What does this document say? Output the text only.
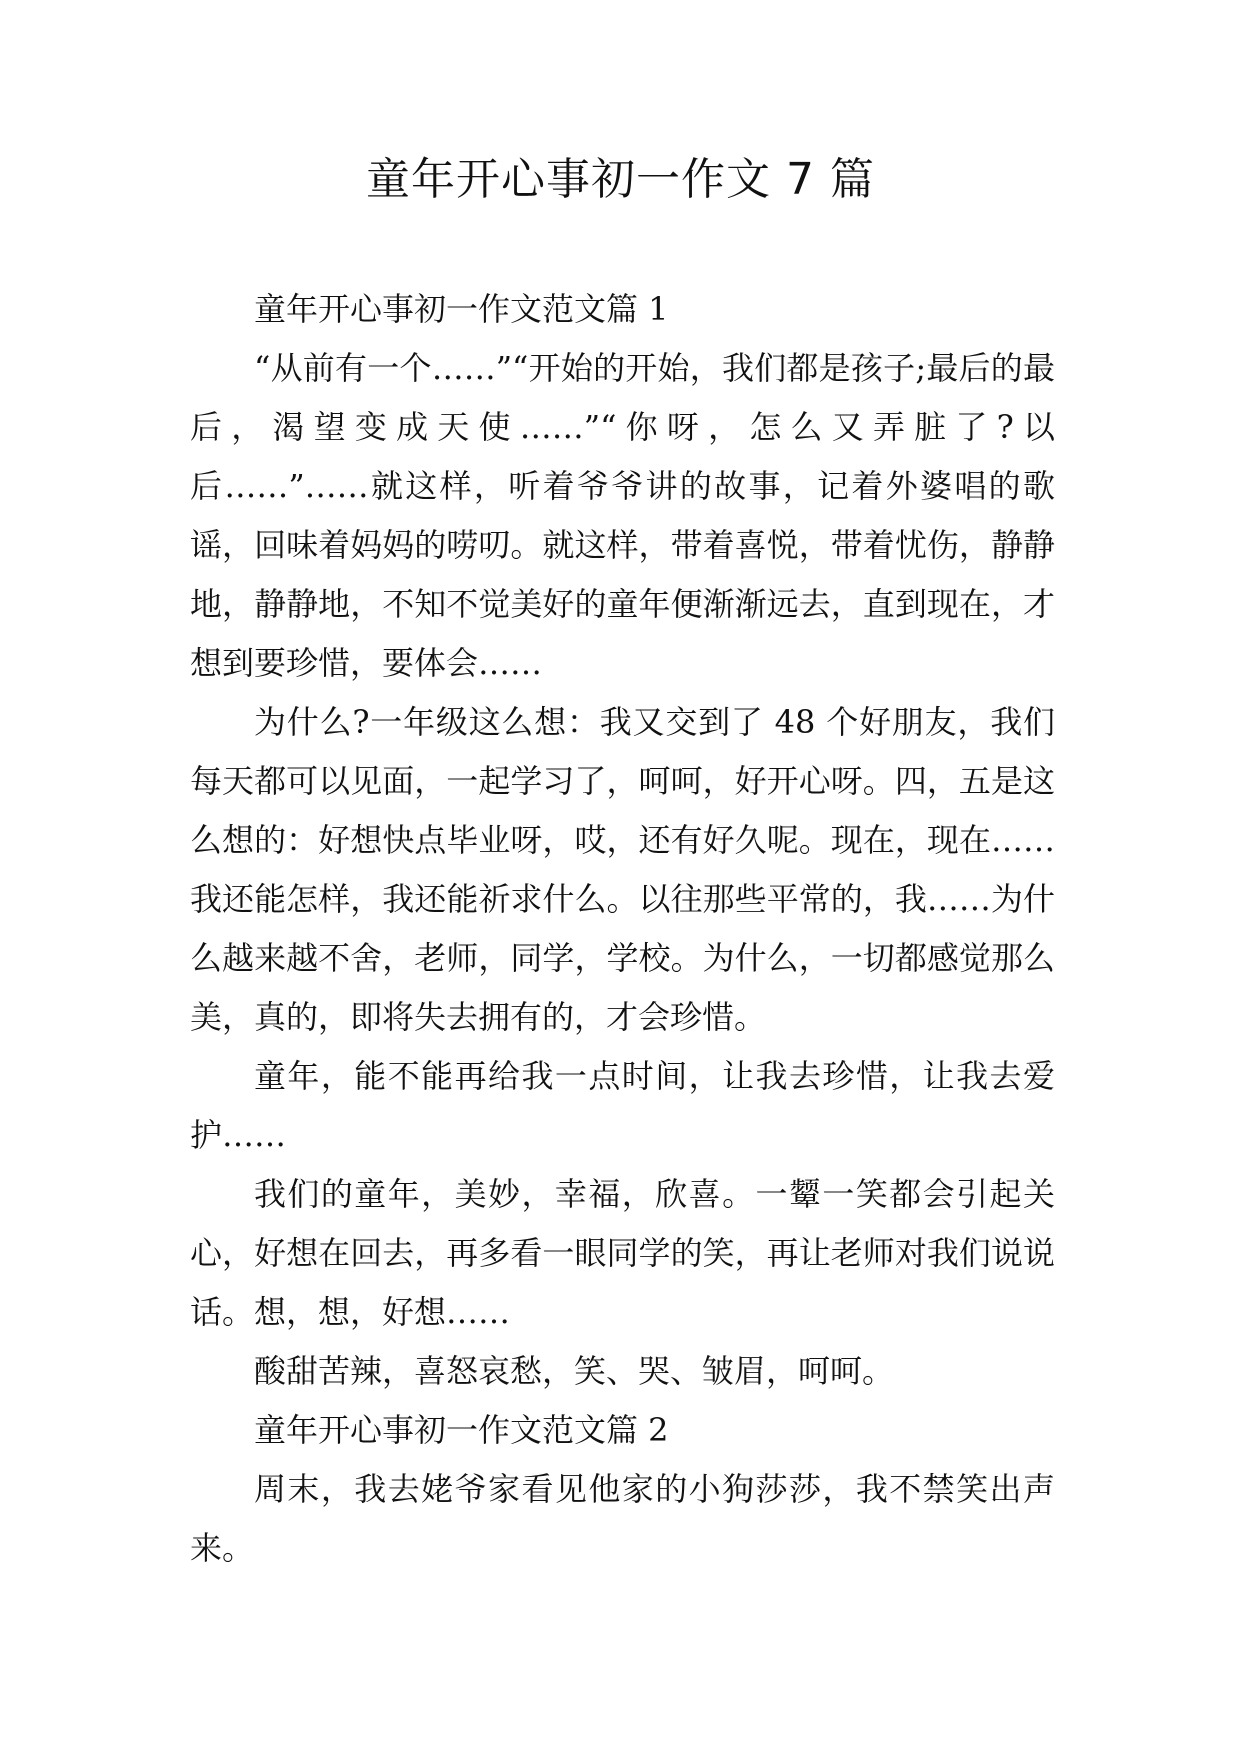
童年开心事初一作文 7 篇

童年开心事初一作文范文篇 1

“从前有一个……”“开始的开始，我们都是孩子;最后的最后，渴望变成天使……”“你呀，怎么又弄脏了?以后……”……就这样，听着爷爷讲的故事，记着外婆唱的歌谣，回味着妈妈的唠叨。就这样，带着喜悦，带着忧伤，静静地，静静地，不知不觉美好的童年便渐渐远去，直到现在，才想到要珍惜，要体会……

为什么?一年级这么想：我又交到了 48 个好朋友，我们每天都可以见面，一起学习了，呵呵，好开心呀。四，五是这么想的：好想快点毕业呀，哎，还有好久呢。现在，现在……我还能怎样，我还能祈求什么。以往那些平常的，我……为什么越来越不舍，老师，同学，学校。为什么，一切都感觉那么美，真的，即将失去拥有的，才会珍惜。

童年，能不能再给我一点时间，让我去珍惜，让我去爱护……

我们的童年，美妙，幸福，欣喜。一颦一笑都会引起关心，好想在回去，再多看一眼同学的笑，再让老师对我们说说话。想，想，好想……

酸甜苦辣，喜怒哀愁，笑、哭、皱眉，呵呵。

童年开心事初一作文范文篇 2

周末，我去姥爷家看见他家的小狗莎莎，我不禁笑出声来。
